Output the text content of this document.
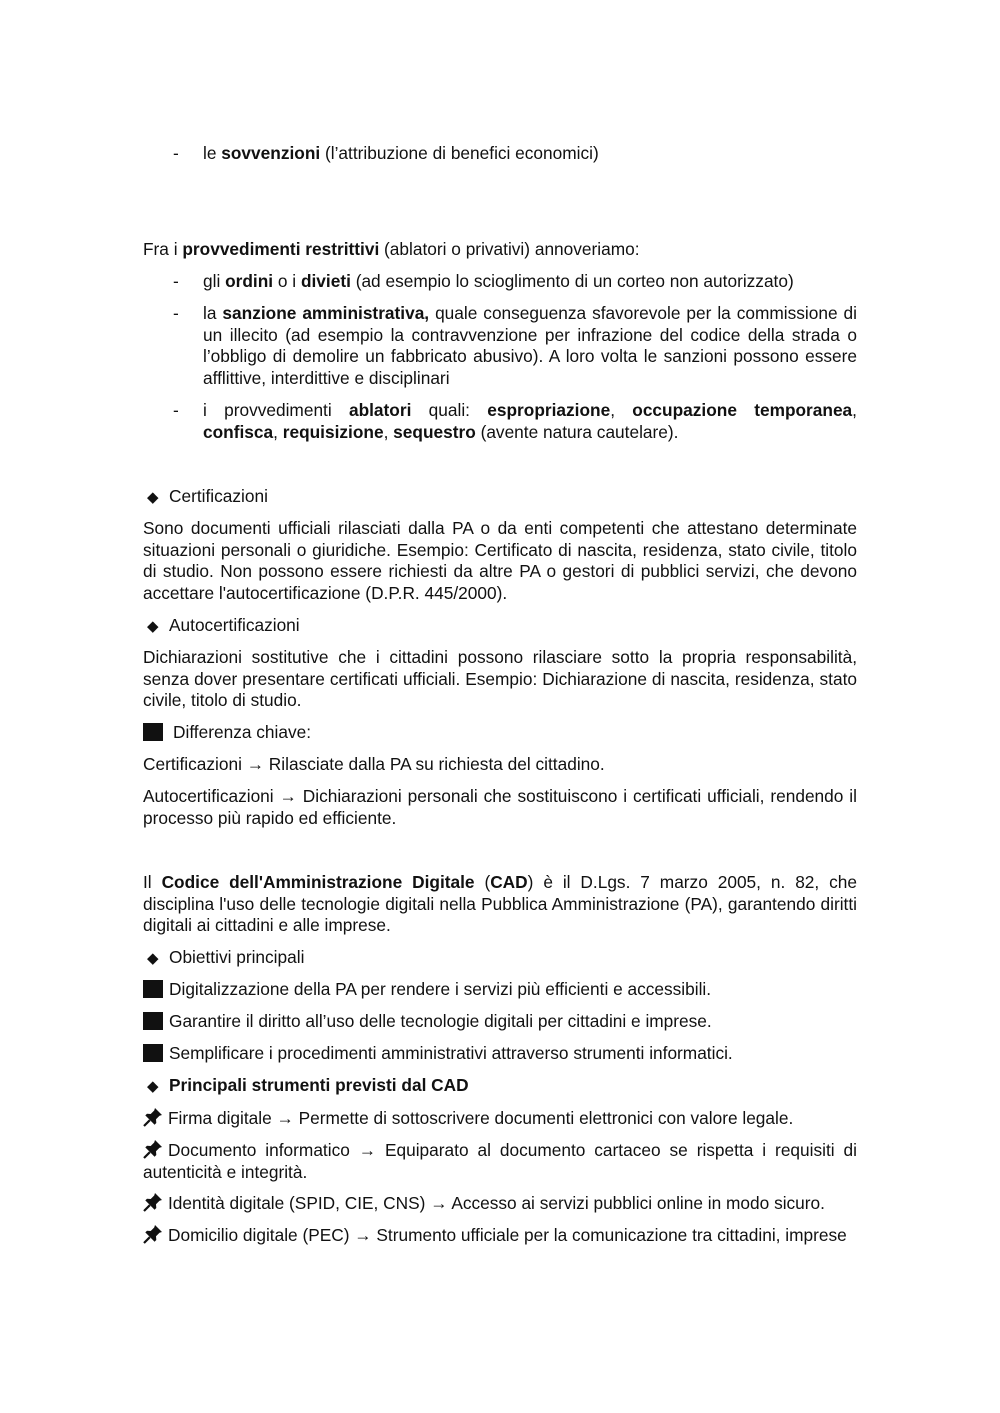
- le sovvenzioni (l’attribuzione di benefici economici)
Fra i provvedimenti restrittivi (ablatori o privativi) annoveriamo:
- gli ordini o i divieti (ad esempio lo scioglimento di un corteo non autorizzato)
- la sanzione amministrativa, quale conseguenza sfavorevole per la commissione di un illecito (ad esempio la contravvenzione per infrazione del codice della strada o l’obbligo di demolire un fabbricato abusivo). A loro volta le sanzioni possono essere afflittive, interdittive e disciplinari
- i provvedimenti ablatori quali: espropriazione, occupazione temporanea, confisca, requisizione, sequestro (avente natura cautelare).
◆ Certificazioni
Sono documenti ufficiali rilasciati dalla PA o da enti competenti che attestano determinate situazioni personali o giuridiche. Esempio: Certificato di nascita, residenza, stato civile, titolo di studio. Non possono essere richiesti da altre PA o gestori di pubblici servizi, che devono accettare l'autocertificazione (D.P.R. 445/2000).
◆ Autocertificazioni
Dichiarazioni sostitutive che i cittadini possono rilasciare sotto la propria responsabilità, senza dover presentare certificati ufficiali. Esempio: Dichiarazione di nascita, residenza, stato civile, titolo di studio.
Differenza chiave:
Certificazioni → Rilasciate dalla PA su richiesta del cittadino.
Autocertificazioni → Dichiarazioni personali che sostituiscono i certificati ufficiali, rendendo il processo più rapido ed efficiente.
Il Codice dell'Amministrazione Digitale (CAD) è il D.Lgs. 7 marzo 2005, n. 82, che disciplina l'uso delle tecnologie digitali nella Pubblica Amministrazione (PA), garantendo diritti digitali ai cittadini e alle imprese.
◆ Obiettivi principali
Digitalizzazione della PA per rendere i servizi più efficienti e accessibili.
Garantire il diritto all’uso delle tecnologie digitali per cittadini e imprese.
Semplificare i procedimenti amministrativi attraverso strumenti informatici.
◆ Principali strumenti previsti dal CAD
Firma digitale → Permette di sottoscrivere documenti elettronici con valore legale.
Documento informatico → Equiparato al documento cartaceo se rispetta i requisiti di autenticità e integrità.
Identità digitale (SPID, CIE, CNS) → Accesso ai servizi pubblici online in modo sicuro.
Domicilio digitale (PEC) → Strumento ufficiale per la comunicazione tra cittadini, imprese
